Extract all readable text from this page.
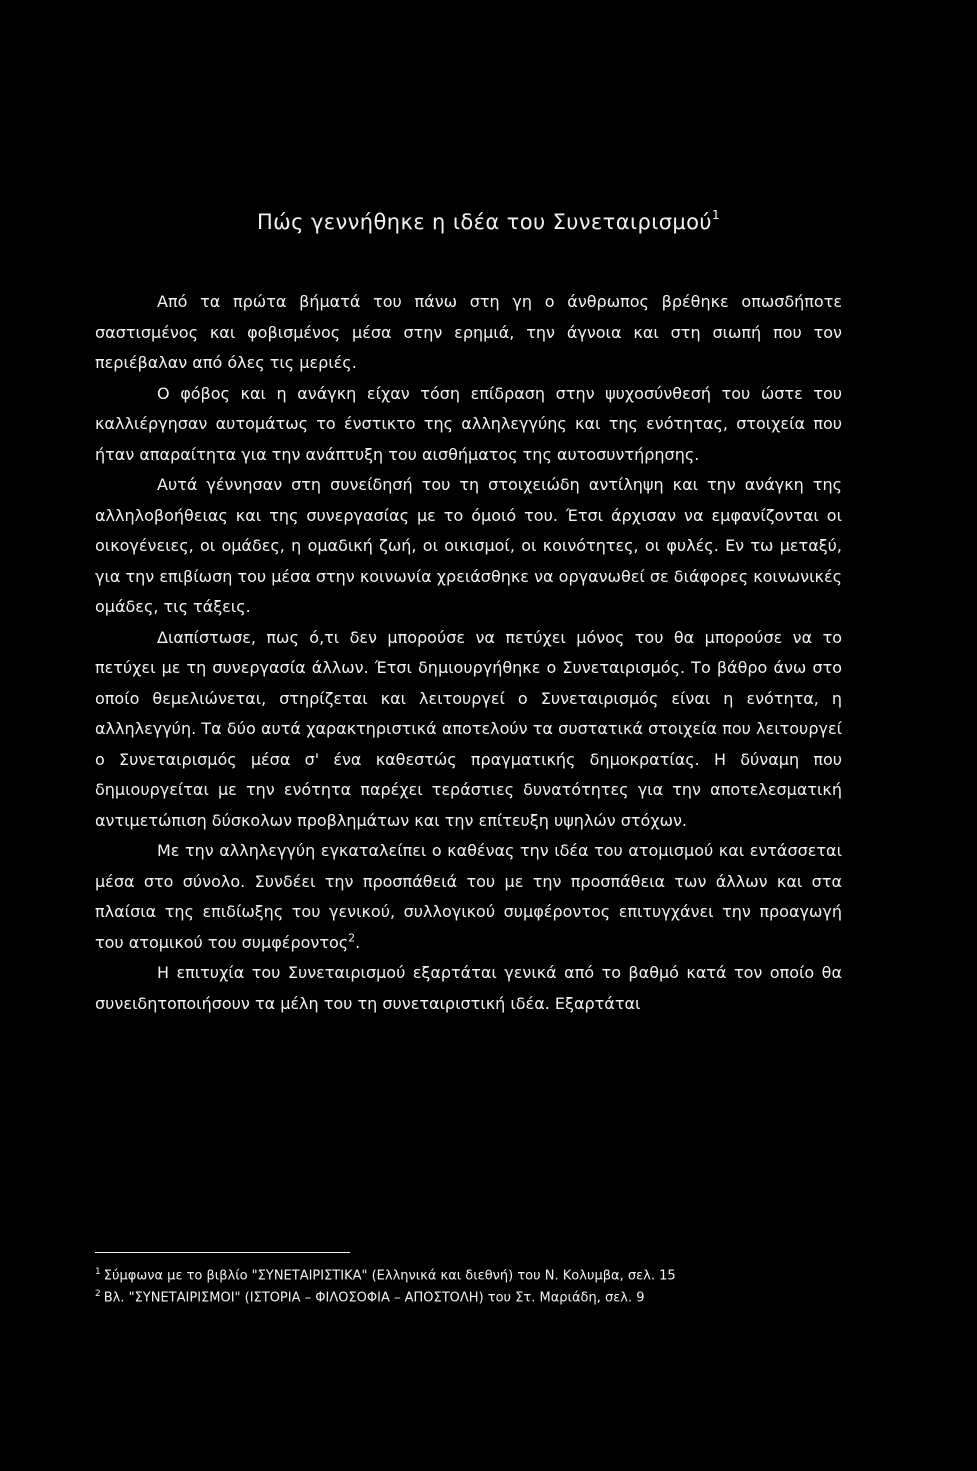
Πώς γεννήθηκε η ιδέα του Συνεταιρισμού$^1$

Από τα πρώτα βήματά του πάνω στη γη ο άνθρωπος βρέθηκε οπωσδήποτε σαστισμένος και φοβισμένος μέσα στην ερημιά, την άγνοια και στη σιωπή που τον περιέβαλαν από όλες τις μεριές.

Ο φόβος και η ανάγκη είχαν τόση επίδραση στην ψυχοσύνθεσή του ώστε του καλλιέργησαν αυτομάτως το ένστικτο της αλληλεγγύης και της ενότητας, στοιχεία που ήταν απαραίτητα για την ανάπτυξη του αισθήματος της αυτοσυντήρησης.

Αυτά γέννησαν στη συνείδησή του τη στοιχειώδη αντίληψη και την ανάγκη της αλληλοβοήθειας και της συνεργασίας με το όμοιό του. Έτσι άρχισαν να εμφανίζονται οι οικογένειες, οι ομάδες, η ομαδική ζωή, οι οικισμοί, οι κοινότητες, οι φυλές. Εν τω μεταξύ, για την επιβίωση του μέσα στην κοινωνία χρειάσθηκε να οργανωθεί σε διάφορες κοινωνικές ομάδες, τις τάξεις.

Διαπίστωσε, πως ό,τι δεν μπορούσε να πετύχει μόνος του θα μπορούσε να το πετύχει με τη συνεργασία άλλων. Έτσι δημιουργήθηκε ο Συνεταιρισμός. Το βάθρο άνω στο οποίο θεμελιώνεται, στηρίζεται και λειτουργεί ο Συνεταιρισμός είναι η ενότητα, η αλληλεγγύη. Τα δύο αυτά χαρακτηριστικά αποτελούν τα συστατικά στοιχεία που λειτουργεί ο Συνεταιρισμός μέσα σ' ένα καθεστώς πραγματικής δημοκρατίας. Η δύναμη που δημιουργείται με την ενότητα παρέχει τεράστιες δυνατότητες για την αποτελεσματική αντιμετώπιση δύσκολων προβλημάτων και την επίτευξη υψηλών στόχων.

Με την αλληλεγγύη εγκαταλείπει ο καθένας την ιδέα του ατομισμού και εντάσσεται μέσα στο σύνολο. Συνδέει την προσπάθειά του με την προσπάθεια των άλλων και στα πλαίσια της επιδίωξης του γενικού, συλλογικού συμφέροντος επιτυγχάνει την προαγωγή του ατομικού του συμφέροντος$^2$.

Η επιτυχία του Συνεταιρισμού εξαρτάται γενικά από το βαθμό κατά τον οποίο θα συνειδητοποιήσουν τα μέλη του τη συνεταιριστική ιδέα. Εξαρτάται

$^1$ Σύμφωνα με το βιβλίο "ΣΥΝΕΤΑΙΡΙΣΤΙΚΑ" (Ελληνικά και διεθνή) του Ν. Κολυμβα, σελ. 15
$^2$ Βλ. "ΣΥΝΕΤΑΙΡΙΣΜΟΙ" (ΙΣΤΟΡΙΑ – ΦΙΛΟΣΟΦΙΑ – ΑΠΟΣΤΟΛΗ) του Στ. Μαριάδη, σελ. 9
